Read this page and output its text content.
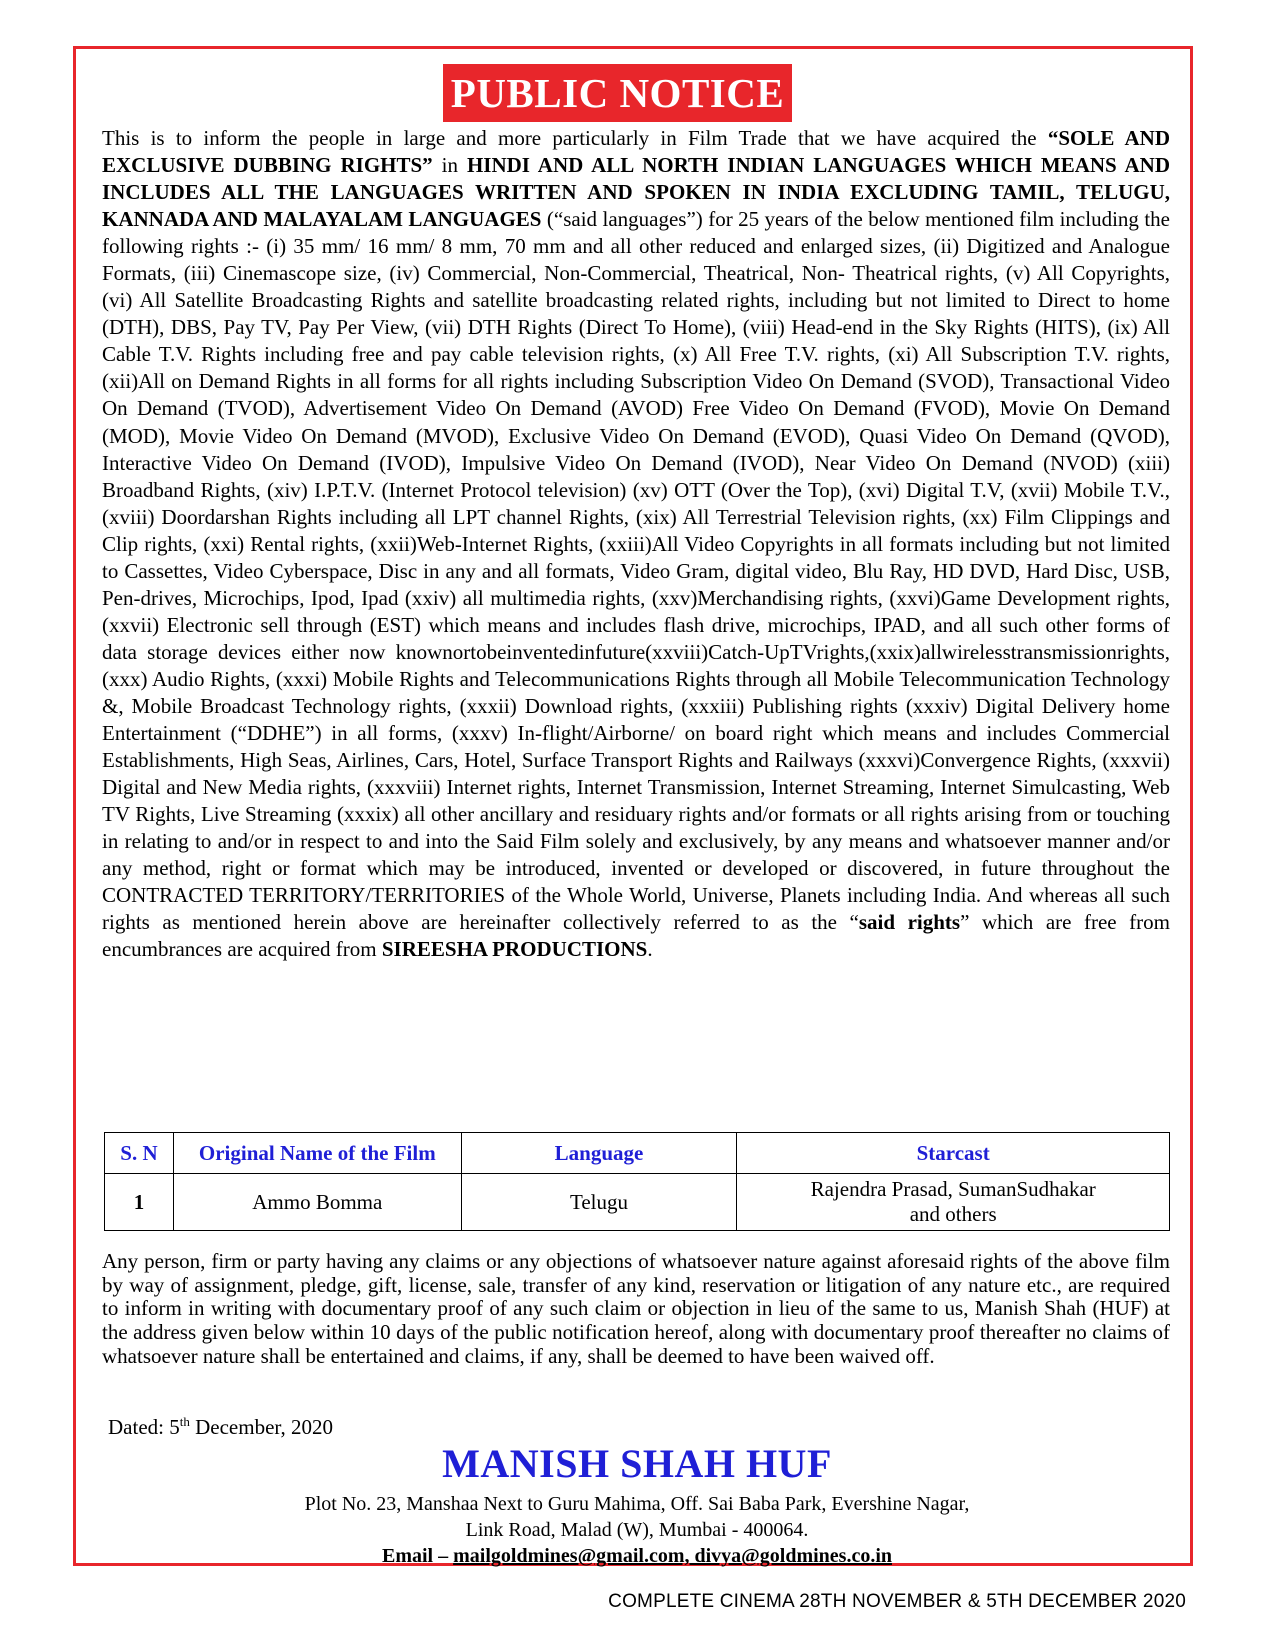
PUBLIC NOTICE
This is to inform the people in large and more particularly in Film Trade that we have acquired the “SOLE AND EXCLUSIVE DUBBING RIGHTS” in HINDI AND ALL NORTH INDIAN LANGUAGES WHICH MEANS AND INCLUDES ALL THE LANGUAGES WRITTEN AND SPOKEN IN INDIA EXCLUDING TAMIL, TELUGU, KANNADA AND MALAYALAM LANGUAGES (“said languages”) for 25 years of the below mentioned film including the following rights :- (i) 35 mm/ 16 mm/ 8 mm, 70 mm and all other reduced and enlarged sizes, (ii) Digitized and Analogue Formats, (iii) Cinemascope size, (iv) Commercial, Non-Commercial, Theatrical, Non- Theatrical rights, (v) All Copyrights, (vi) All Satellite Broadcasting Rights and satellite broadcasting related rights, including but not limited to Direct to home (DTH), DBS, Pay TV, Pay Per View, (vii) DTH Rights (Direct To Home), (viii) Head-end in the Sky Rights (HITS), (ix) All Cable T.V. Rights including free and pay cable television rights, (x) All Free T.V. rights, (xi) All Subscription T.V. rights, (xii)All on Demand Rights in all forms for all rights including Subscription Video On Demand (SVOD), Transactional Video On Demand (TVOD), Advertisement Video On Demand (AVOD) Free Video On Demand (FVOD), Movie On Demand (MOD), Movie Video On Demand (MVOD), Exclusive Video On Demand (EVOD), Quasi Video On Demand (QVOD), Interactive Video On Demand (IVOD), Impulsive Video On Demand (IVOD), Near Video On Demand (NVOD) (xiii) Broadband Rights, (xiv) I.P.T.V. (Internet Protocol television) (xv) OTT (Over the Top), (xvi) Digital T.V, (xvii) Mobile T.V., (xviii) Doordarshan Rights including all LPT channel Rights, (xix) All Terrestrial Television rights, (xx) Film Clippings and Clip rights, (xxi) Rental rights, (xxii)Web-Internet Rights, (xxiii)All Video Copyrights in all formats including but not limited to Cassettes, Video Cyberspace, Disc in any and all formats, Video Gram, digital video, Blu Ray, HD DVD, Hard Disc, USB, Pen-drives, Microchips, Ipod, Ipad (xxiv) all multimedia rights, (xxv)Merchandising rights, (xxvi)Game Development rights, (xxvii) Electronic sell through (EST) which means and includes flash drive, microchips, IPAD, and all such other forms of data storage devices either now knownortobeinventedinfuture(xxviii)Catch-UpTVrights,(xxix)allwirelesstransmissionrights, (xxx) Audio Rights, (xxxi) Mobile Rights and Telecommunications Rights through all Mobile Telecommunication Technology &, Mobile Broadcast Technology rights, (xxxii) Download rights, (xxxiii) Publishing rights (xxxiv) Digital Delivery home Entertainment (“DDHE”) in all forms, (xxxv) In-flight/Airborne/ on board right which means and includes Commercial Establishments, High Seas, Airlines, Cars, Hotel, Surface Transport Rights and Railways (xxxvi)Convergence Rights, (xxxvii) Digital and New Media rights, (xxxviii) Internet rights, Internet Transmission, Internet Streaming, Internet Simulcasting, Web TV Rights, Live Streaming (xxxix) all other ancillary and residuary rights and/or formats or all rights arising from or touching in relating to and/or in respect to and into the Said Film solely and exclusively, by any means and whatsoever manner and/or any method, right or format which may be introduced, invented or developed or discovered, in future throughout the CONTRACTED TERRITORY/TERRITORIES of the Whole World, Universe, Planets including India. And whereas all such rights as mentioned herein above are hereinafter collectively referred to as the “said rights” which are free from encumbrances are acquired from SIREESHA PRODUCTIONS.
S. N	Original Name of the Film	Language	Starcast
1	Ammo Bomma	Telugu	Rajendra Prasad, SumanSudhakar
and others
Any person, firm or party having any claims or any objections of whatsoever nature against aforesaid rights of the above film by way of assignment, pledge, gift, license, sale, transfer of any kind, reservation or litigation of any nature etc., are required to inform in writing with documentary proof of any such claim or objection in lieu of the same to us, Manish Shah (HUF) at the address given below within 10 days of the public notification hereof, along with documentary proof thereafter no claims of whatsoever nature shall be entertained and claims, if any, shall be deemed to have been waived off.
Dated: 5th December, 2020
MANISH SHAH HUF
Plot No. 23, Manshaa Next to Guru Mahima, Off. Sai Baba Park, Evershine Nagar,
Link Road, Malad (W), Mumbai - 400064.
Email – mailgoldmines@gmail.com, divya@goldmines.co.in
COMPLETE CINEMA 28TH NOVEMBER & 5TH DECEMBER 2020
